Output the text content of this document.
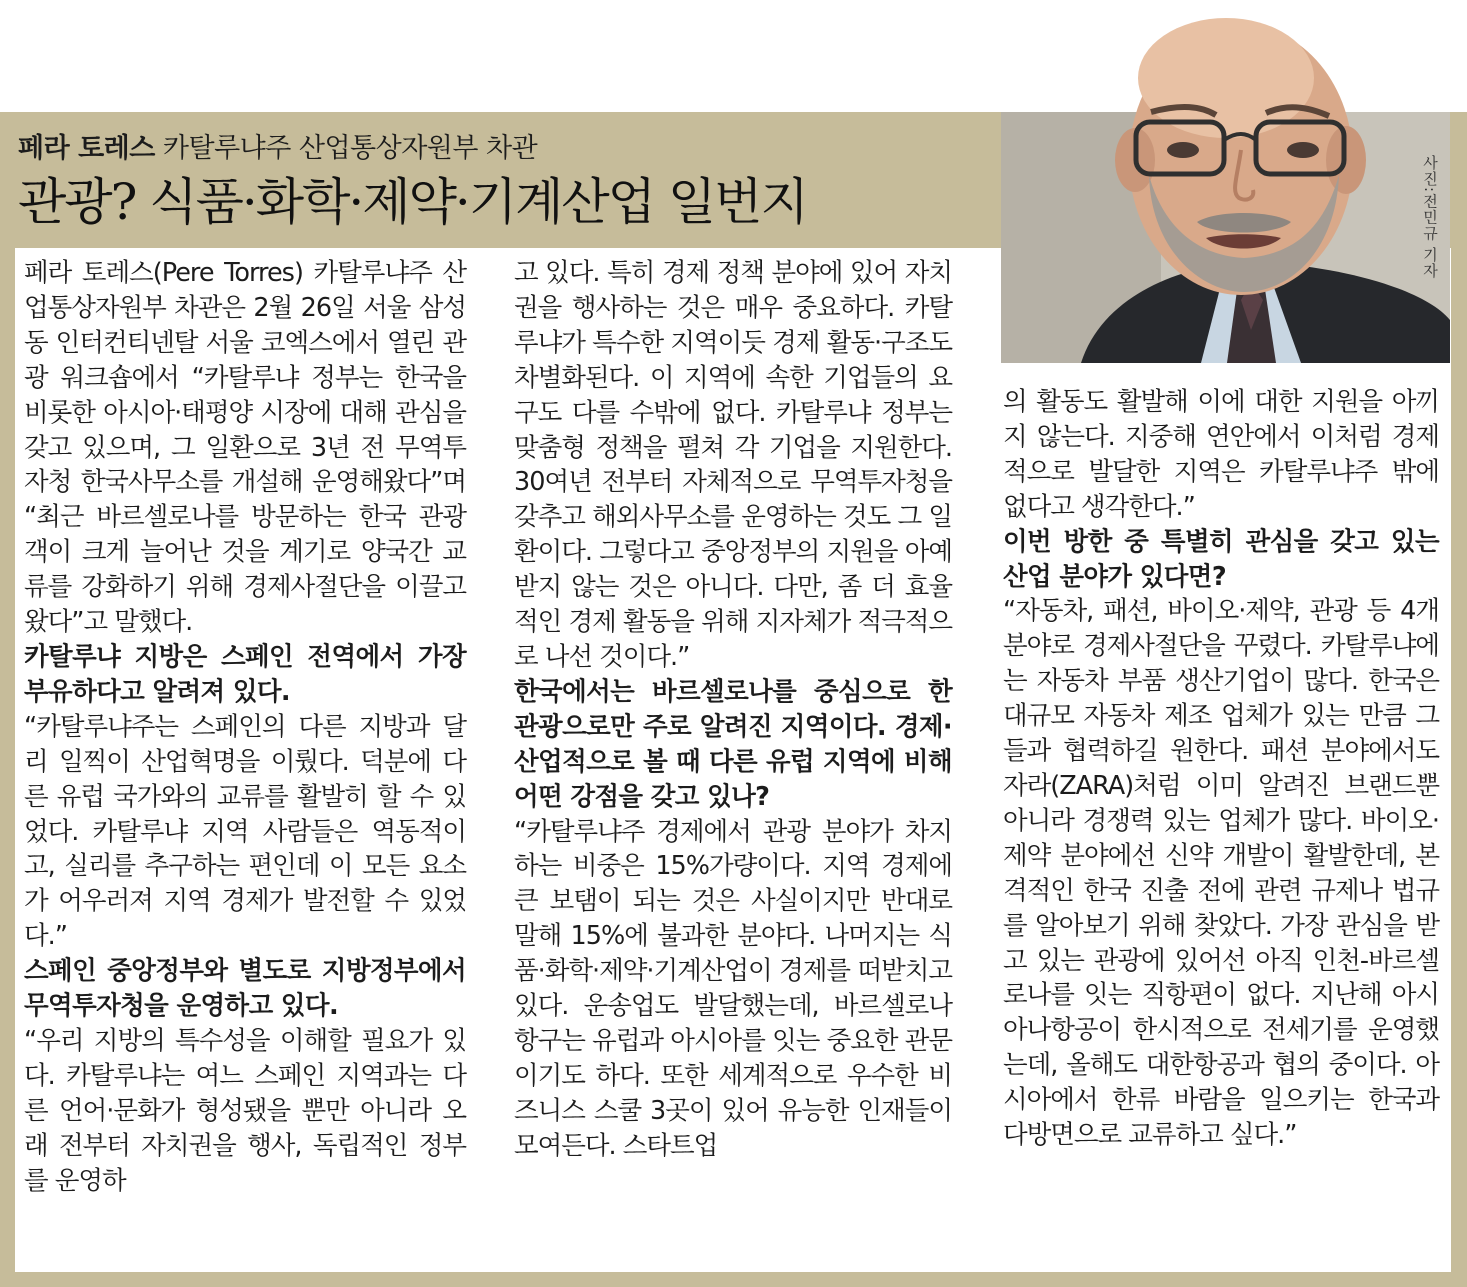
페라 토레스 카탈루냐주 산업통상자원부 차관

관광? 식품·화학·제약·기계산업 일번지	사진:전민규 기자

페라 토레스(Pere Torres) 카탈루냐주 산업통상자원부 차관은 2월 26일 서울 삼성동 인터컨티넨탈 서울 코엑스에서 열린 관광 워크숍에서 “카탈루냐 정부는 한국을 비롯한 아시아·태평양 시장에 대해 관심을 갖고 있으며, 그 일환으로 3년 전 무역투자청 한국사무소를 개설해 운영해왔다”며 “최근 바르셀로나를 방문하는 한국 관광객이 크게 늘어난 것을 계기로 양국간 교류를 강화하기 위해 경제사절단을 이끌고 왔다”고 말했다.

카탈루냐 지방은 스페인 전역에서 가장 부유하다고 알려져 있다.

“카탈루냐주는 스페인의 다른 지방과 달리 일찍이 산업혁명을 이뤘다. 덕분에 다른 유럽 국가와의 교류를 활발히 할 수 있었다. 카탈루냐 지역 사람들은 역동적이고, 실리를 추구하는 편인데 이 모든 요소가 어우러져 지역 경제가 발전할 수 있었다.”

스페인 중앙정부와 별도로 지방정부에서 무역투자청을 운영하고 있다.

“우리 지방의 특수성을 이해할 필요가 있다. 카탈루냐는 여느 스페인 지역과는 다른 언어·문화가 형성됐을 뿐만 아니라 오래 전부터 자치권을 행사, 독립적인 정부를 운영하

고 있다. 특히 경제 정책 분야에 있어 자치권을 행사하는 것은 매우 중요하다. 카탈루냐가 특수한 지역이듯 경제 활동·구조도 차별화된다. 이 지역에 속한 기업들의 요구도 다를 수밖에 없다. 카탈루냐 정부는 맞춤형 정책을 펼쳐 각 기업을 지원한다. 30여년 전부터 자체적으로 무역투자청을 갖추고 해외사무소를 운영하는 것도 그 일환이다. 그렇다고 중앙정부의 지원을 아예 받지 않는 것은 아니다. 다만, 좀 더 효율적인 경제 활동을 위해 지자체가 적극적으로 나선 것이다.”

한국에서는 바르셀로나를 중심으로 한 관광으로만 주로 알려진 지역이다. 경제·산업적으로 볼 때 다른 유럽 지역에 비해 어떤 강점을 갖고 있나?

“카탈루냐주 경제에서 관광 분야가 차지하는 비중은 15%가량이다. 지역 경제에 큰 보탬이 되는 것은 사실이지만 반대로 말해 15%에 불과한 분야다. 나머지는 식품·화학·제약·기계산업이 경제를 떠받치고 있다. 운송업도 발달했는데, 바르셀로나 항구는 유럽과 아시아를 잇는 중요한 관문이기도 하다. 또한 세계적으로 우수한 비즈니스 스쿨 3곳이 있어 유능한 인재들이 모여든다. 스타트업

의 활동도 활발해 이에 대한 지원을 아끼지 않는다. 지중해 연안에서 이처럼 경제적으로 발달한 지역은 카탈루냐주 밖에 없다고 생각한다.”

이번 방한 중 특별히 관심을 갖고 있는 산업 분야가 있다면?

“자동차, 패션, 바이오·제약, 관광 등 4개 분야로 경제사절단을 꾸렸다. 카탈루냐에는 자동차 부품 생산기업이 많다. 한국은 대규모 자동차 제조 업체가 있는 만큼 그들과 협력하길 원한다. 패션 분야에서도 자라(ZARA)처럼 이미 알려진 브랜드뿐 아니라 경쟁력 있는 업체가 많다. 바이오·제약 분야에선 신약 개발이 활발한데, 본격적인 한국 진출 전에 관련 규제나 법규를 알아보기 위해 찾았다. 가장 관심을 받고 있는 관광에 있어선 아직 인천-바르셀로나를 잇는 직항편이 없다. 지난해 아시아나항공이 한시적으로 전세기를 운영했는데, 올해도 대한항공과 협의 중이다. 아시아에서 한류 바람을 일으키는 한국과 다방면으로 교류하고 싶다.”
